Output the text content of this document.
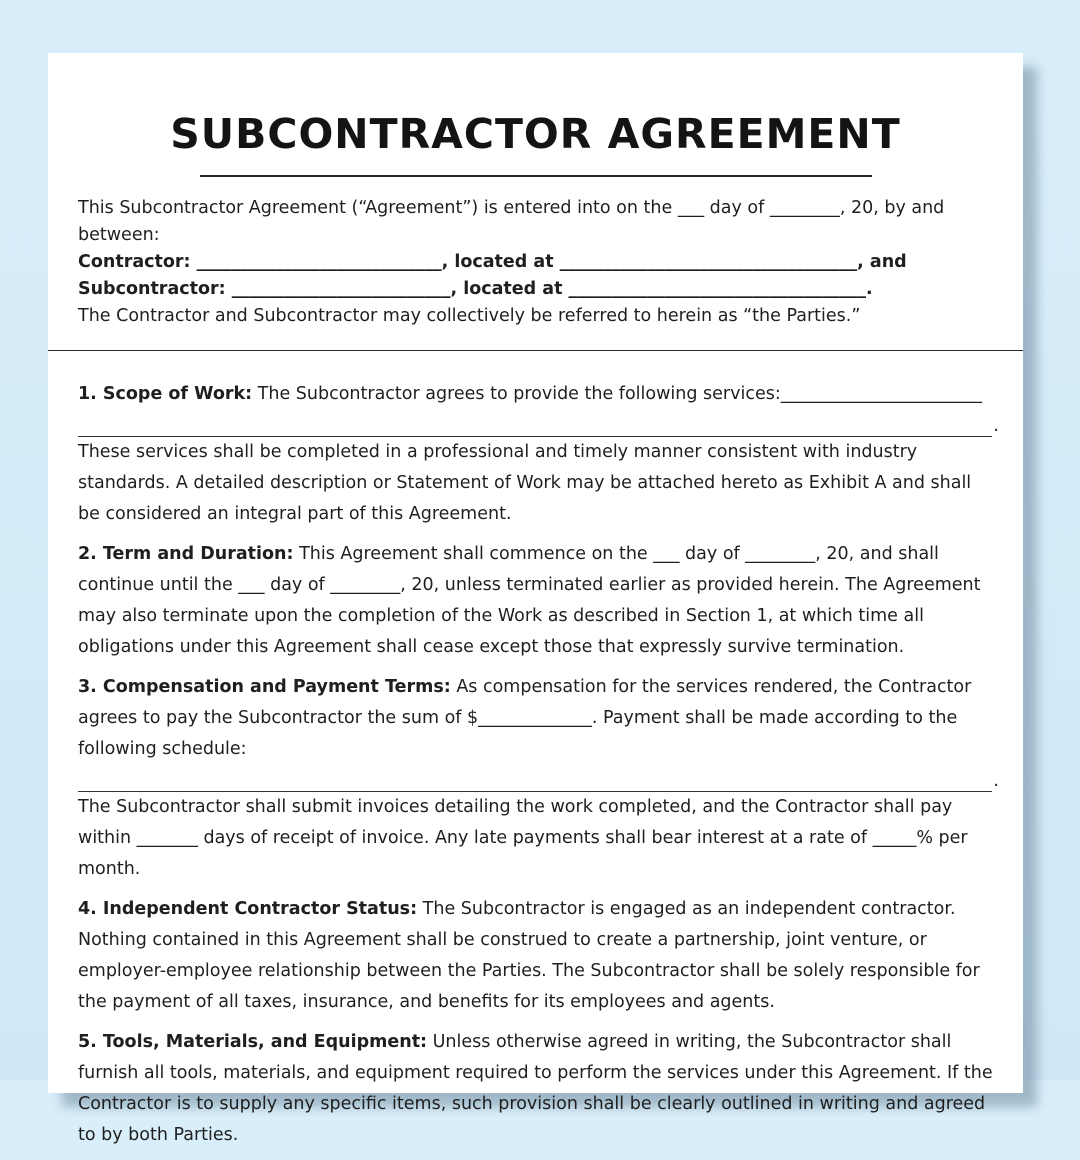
SUBCONTRACTOR AGREEMENT

This Subcontractor Agreement (“Agreement”) is entered into on the ___ day of ________, 20, by and between:

Contractor: ____________________________, located at __________________________________, and

Subcontractor: _________________________, located at __________________________________.

The Contractor and Subcontractor may collectively be referred to herein as “the Parties.”

1. Scope of Work: The Subcontractor agrees to provide the following services:_______________________
.
These services shall be completed in a professional and timely manner consistent with industry standards. A detailed description or Statement of Work may be attached hereto as Exhibit A and shall be considered an integral part of this Agreement.

2. Term and Duration: This Agreement shall commence on the ___ day of ________, 20, and shall continue until the ___ day of ________, 20, unless terminated earlier as provided herein. The Agreement may also terminate upon the completion of the Work as described in Section 1, at which time all obligations under this Agreement shall cease except those that expressly survive termination.

3. Compensation and Payment Terms: As compensation for the services rendered, the Contractor agrees to pay the Subcontractor the sum of $_____________. Payment shall be made according to the following schedule:
.
The Subcontractor shall submit invoices detailing the work completed, and the Contractor shall pay within _______ days of receipt of invoice. Any late payments shall bear interest at a rate of _____% per month.

4. Independent Contractor Status: The Subcontractor is engaged as an independent contractor. Nothing contained in this Agreement shall be construed to create a partnership, joint venture, or employer-employee relationship between the Parties. The Subcontractor shall be solely responsible for the payment of all taxes, insurance, and benefits for its employees and agents.

5. Tools, Materials, and Equipment: Unless otherwise agreed in writing, the Subcontractor shall furnish all tools, materials, and equipment required to perform the services under this Agreement. If the Contractor is to supply any specific items, such provision shall be clearly outlined in writing and agreed to by both Parties.
